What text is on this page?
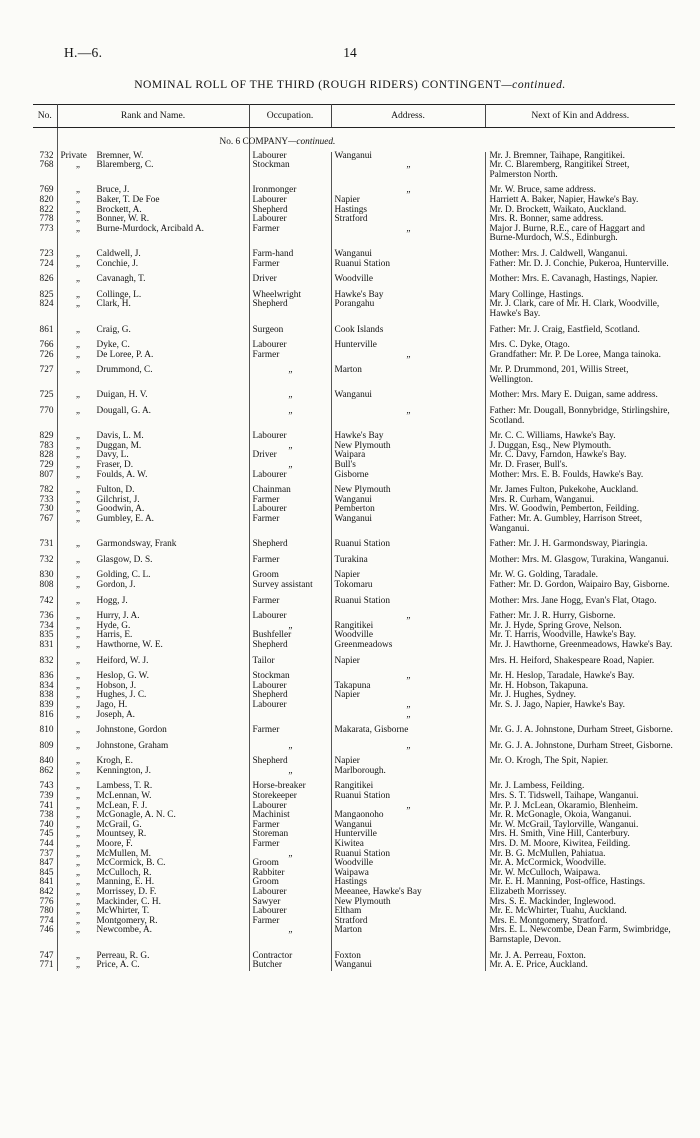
H.—6.	14
NOMINAL ROLL OF THE THIRD (ROUGH RIDERS) CONTINGENT—continued.
No.	Rank and Name.	Occupation.	Address.	Next of Kin and Address.
		No. 6 COMPANY—continued.		
732	Private Bremner, W.	Labourer	Wanganui	Mr. J. Bremner, Taihape, Rangitikei.
768	„ Blaremberg, C.	Stockman	„	Mr. C. Blaremberg, Rangitikei Street, Palmerston North.

769	„ Bruce, J.	Ironmonger	„	Mr. W. Bruce, same address.
820	„ Baker, T. De Foe	Labourer	Napier	Harriett A. Baker, Napier, Hawke's Bay.
822	„ Brockett, A.	Shepherd	Hastings	Mr. D. Brockett, Waikato, Auckland.
778	„ Bonner, W. R.	Labourer	Stratford	Mrs. R. Bonner, same address.
773	„ Burne-Murdock, Arcibald A.	Farmer	„	Major J. Burne, R.E., care of Haggart and Burne-Murdoch, W.S., Edinburgh.

723	„ Caldwell, J.	Farm-hand	Wanganui	Mother: Mrs. J. Caldwell, Wanganui.
724	„ Conchie, J.	Farmer	Ruanui Station	Father: Mr. D. J. Conchie, Pukeroa, Hunterville.

826	„ Cavanagh, T.	Driver	Woodville	Mother: Mrs. E. Cavanagh, Hastings, Napier.

825	„ Collinge, L.	Wheelwright	Hawke's Bay	Mary Collinge, Hastings.
824	„ Clark, H.	Shepherd	Porangahu	Mr. J. Clark, care of Mr. H. Clark, Woodville, Hawke's Bay.

861	„ Craig, G.	Surgeon	Cook Islands	Father: Mr. J. Craig, Eastfield, Scotland.

766	„ Dyke, C.	Labourer	Hunterville	Mrs. C. Dyke, Otago.
726	„ De Loree, P. A.	Farmer	„	Grandfather: Mr. P. De Loree, Manga tainoka.

727	„ Drummond, C.	„	Marton	Mr. P. Drummond, 201, Willis Street, Wellington.

725	„ Duigan, H. V.	„	Wanganui	Mother: Mrs. Mary E. Duigan, same address.

770	„ Dougall, G. A.	„	„	Father: Mr. Dougall, Bonnybridge, Stirlingshire, Scotland.

829	„ Davis, L. M.	Labourer	Hawke's Bay	Mr. C. C. Williams, Hawke's Bay.
783	„ Duggan, M.	„	New Plymouth	J. Duggan, Esq., New Plymouth.
828	„ Davy, L.	Driver	Waipara	Mr. C. Davy, Farndon, Hawke's Bay.
729	„ Fraser, D.	„	Bull's	Mr. D. Fraser, Bull's.
807	„ Foulds, A. W.	Labourer	Gisborne	Mother: Mrs. E. B. Foulds, Hawke's Bay.

782	„ Fulton, D.	Chainman	New Plymouth	Mr. James Fulton, Pukekohe, Auckland.
733	„ Gilchrist, J.	Farmer	Wanganui	Mrs. R. Curham, Wanganui.
730	„ Goodwin, A.	Labourer	Pemberton	Mrs. W. Goodwin, Pemberton, Feilding.
767	„ Gumbley, E. A.	Farmer	Wanganui	Father: Mr. A. Gumbley, Harrison Street, Wanganui.

731	„ Garmondsway, Frank	Shepherd	Ruanui Station	Father: Mr. J. H. Garmondsway, Piaringia.

732	„ Glasgow, D. S.	Farmer	Turakina	Mother: Mrs. M. Glasgow, Turakina, Wanganui.

830	„ Golding, C. L.	Groom	Napier	Mr. W. G. Golding, Taradale.
808	„ Gordon, J.	Survey assistant	Tokomaru	Father: Mr. D. Gordon, Waipairo Bay, Gisborne.

742	„ Hogg, J.	Farmer	Ruanui Station	Mother: Mrs. Jane Hogg, Evan's Flat, Otago.

736	„ Hurry, J. A.	Labourer	„	Father: Mr. J. R. Hurry, Gisborne.
734	„ Hyde, G.	„	Rangitikei	Mr. J. Hyde, Spring Grove, Nelson.
835	„ Harris, E.	Bushfeller	Woodville	Mr. T. Harris, Woodville, Hawke's Bay.
831	„ Hawthorne, W. E.	Shepherd	Greenmeadows	Mr. J. Hawthorne, Greenmeadows, Hawke's Bay.

832	„ Heiford, W. J.	Tailor	Napier	Mrs. H. Heiford, Shakespeare Road, Napier.

836	„ Heslop, G. W.	Stockman	„	Mr. H. Heslop, Taradale, Hawke's Bay.
834	„ Hobson, J.	Labourer	Takapuna	Mr. H. Hobson, Takapuna.
838	„ Hughes, J. C.	Shepherd	Napier	Mr. J. Hughes, Sydney.
839	„ Jago, H.	Labourer	„	Mr. S. J. Jago, Napier, Hawke's Bay.
816	„ Joseph, A.		„	

810	„ Johnstone, Gordon	Farmer	Makarata, Gisborne	Mr. G. J. A. Johnstone, Durham Street, Gisborne.

809	„ Johnstone, Graham	„	„	Mr. G. J. A. Johnstone, Durham Street, Gisborne.

840	„ Krogh, E.	Shepherd	Napier	Mr. O. Krogh, The Spit, Napier.
862	„ Kennington, J.	„	Marlborough.	

743	„ Lambess, T. R.	Horse-breaker	Rangitikei	Mr. J. Lambess, Feilding.
739	„ McLennan, W.	Storekeeper	Ruanui Station	Mrs. S. T. Tidswell, Taihape, Wanganui.
741	„ McLean, F. J.	Labourer	„	Mr. P. J. McLean, Okaramio, Blenheim.
738	„ McGonagle, A. N. C.	Machinist	Mangaonoho	Mr. R. McGonagle, Okoia, Wanganui.
740	„ McGrail, G.	Farmer	Wanganui	Mr. W. McGrail, Taylorville, Wanganui.
745	„ Mountsey, R.	Storeman	Hunterville	Mrs. H. Smith, Vine Hill, Canterbury.
744	„ Moore, F.	Farmer	Kiwitea	Mrs. D. M. Moore, Kiwitea, Feilding.
737	„ McMullen, M.	„	Ruanui Station	Mr. B. G. McMullen, Pahiatua.
847	„ McCormick, B. C.	Groom	Woodville	Mr. A. McCormick, Woodville.
845	„ McCulloch, R.	Rabbiter	Waipawa	Mr. W. McCulloch, Waipawa.
841	„ Manning, E. H.	Groom	Hastings	Mr. E. H. Manning, Post-office, Hastings.
842	„ Morrissey, D. F.	Labourer	Meeanee, Hawke's Bay	Elizabeth Morrissey.
776	„ Mackinder, C. H.	Sawyer	New Plymouth	Mrs. S. E. Mackinder, Inglewood.
780	„ McWhirter, T.	Labourer	Eltham	Mr. E. McWhirter, Tuahu, Auckland.
774	„ Montgomery, R.	Farmer	Stratford	Mrs. E. Montgomery, Stratford.
746	„ Newcombe, A.	„	Marton	Mrs. E. L. Newcombe, Dean Farm, Swimbridge, Barnstaple, Devon.

747	„ Perreau, R. G.	Contractor	Foxton	Mr. J. A. Perreau, Foxton.
771	„ Price, A. C.	Butcher	Wanganui	Mr. A. E. Price, Auckland.
